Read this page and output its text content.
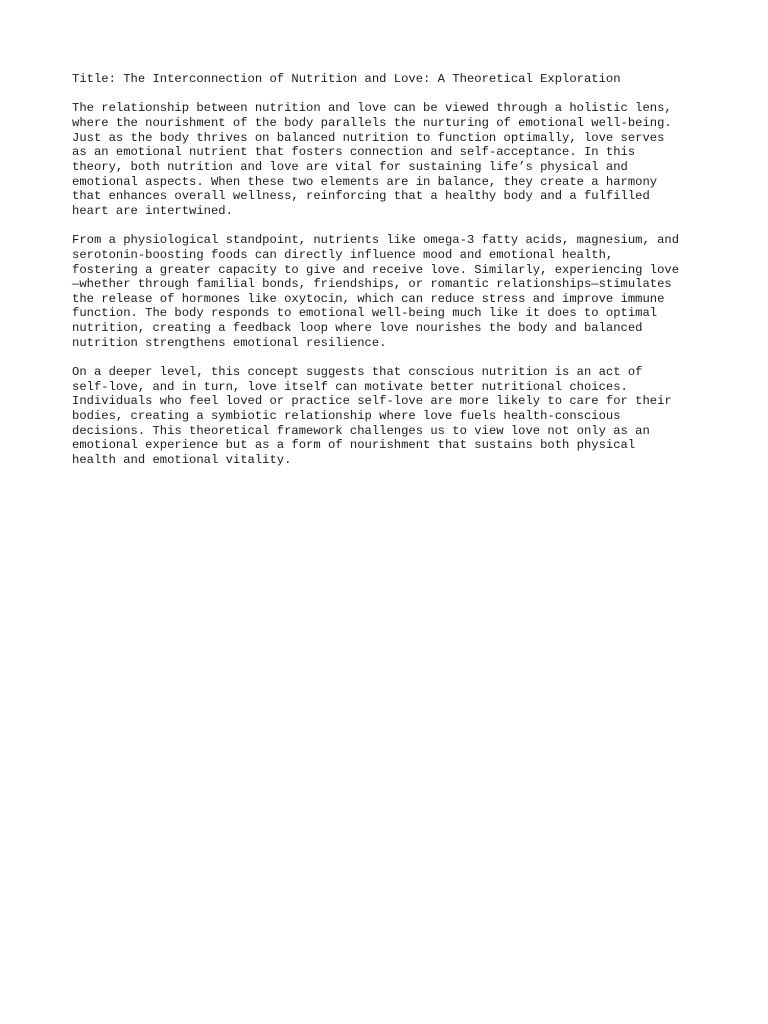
Title: The Interconnection of Nutrition and Love: A Theoretical Exploration

The relationship between nutrition and love can be viewed through a holistic lens,
where the nourishment of the body parallels the nurturing of emotional well-being.
Just as the body thrives on balanced nutrition to function optimally, love serves
as an emotional nutrient that fosters connection and self-acceptance. In this
theory, both nutrition and love are vital for sustaining life’s physical and
emotional aspects. When these two elements are in balance, they create a harmony
that enhances overall wellness, reinforcing that a healthy body and a fulfilled
heart are intertwined.

From a physiological standpoint, nutrients like omega-3 fatty acids, magnesium, and
serotonin-boosting foods can directly influence mood and emotional health,
fostering a greater capacity to give and receive love. Similarly, experiencing love
—whether through familial bonds, friendships, or romantic relationships—stimulates
the release of hormones like oxytocin, which can reduce stress and improve immune
function. The body responds to emotional well-being much like it does to optimal
nutrition, creating a feedback loop where love nourishes the body and balanced
nutrition strengthens emotional resilience.

On a deeper level, this concept suggests that conscious nutrition is an act of
self-love, and in turn, love itself can motivate better nutritional choices.
Individuals who feel loved or practice self-love are more likely to care for their
bodies, creating a symbiotic relationship where love fuels health-conscious
decisions. This theoretical framework challenges us to view love not only as an
emotional experience but as a form of nourishment that sustains both physical
health and emotional vitality.
